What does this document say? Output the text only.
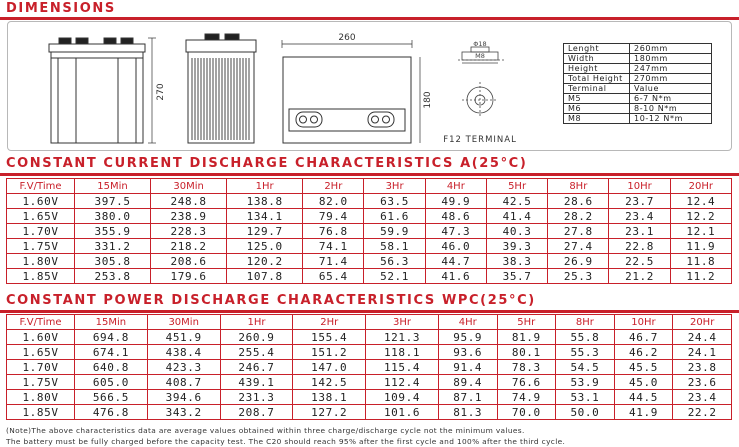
DIMENSIONS
270
260
180
Φ18
M8
F12 TERMINAL
Lenght	260mm
Width	180mm
Height	247mm
Total Height	270mm
Terminal	Value
M5	6-7 N*m
M6	8-10 N*m
M8	10-12 N*m
CONSTANT CURRENT DISCHARGE CHARACTERISTICS A(25°C)
F.V/Time	15Min	30Min	1Hr	2Hr	3Hr	4Hr	5Hr	8Hr	10Hr	20Hr
1.60V	397.5	248.8	138.8	82.0	63.5	49.9	42.5	28.6	23.7	12.4
1.65V	380.0	238.9	134.1	79.4	61.6	48.6	41.4	28.2	23.4	12.2
1.70V	355.9	228.3	129.7	76.8	59.9	47.3	40.3	27.8	23.1	12.1
1.75V	331.2	218.2	125.0	74.1	58.1	46.0	39.3	27.4	22.8	11.9
1.80V	305.8	208.6	120.2	71.4	56.3	44.7	38.3	26.9	22.5	11.8
1.85V	253.8	179.6	107.8	65.4	52.1	41.6	35.7	25.3	21.2	11.2
CONSTANT POWER DISCHARGE CHARACTERISTICS WPC(25°C)
F.V/Time	15Min	30Min	1Hr	2Hr	3Hr	4Hr	5Hr	8Hr	10Hr	20Hr
1.60V	694.8	451.9	260.9	155.4	121.3	95.9	81.9	55.8	46.7	24.4
1.65V	674.1	438.4	255.4	151.2	118.1	93.6	80.1	55.3	46.2	24.1
1.70V	640.8	423.3	246.7	147.0	115.4	91.4	78.3	54.5	45.5	23.8
1.75V	605.0	408.7	439.1	142.5	112.4	89.4	76.6	53.9	45.0	23.6
1.80V	566.5	394.6	231.3	138.1	109.4	87.1	74.9	53.1	44.5	23.4
1.85V	476.8	343.2	208.7	127.2	101.6	81.3	70.0	50.0	41.9	22.2
(Note)The above characteristics data are average values obtained within three charge/discharge cycle not the minimum values.
The battery must be fully charged before the capacity test. The C20 should reach 95% after the first cycle and 100% after the third cycle.
